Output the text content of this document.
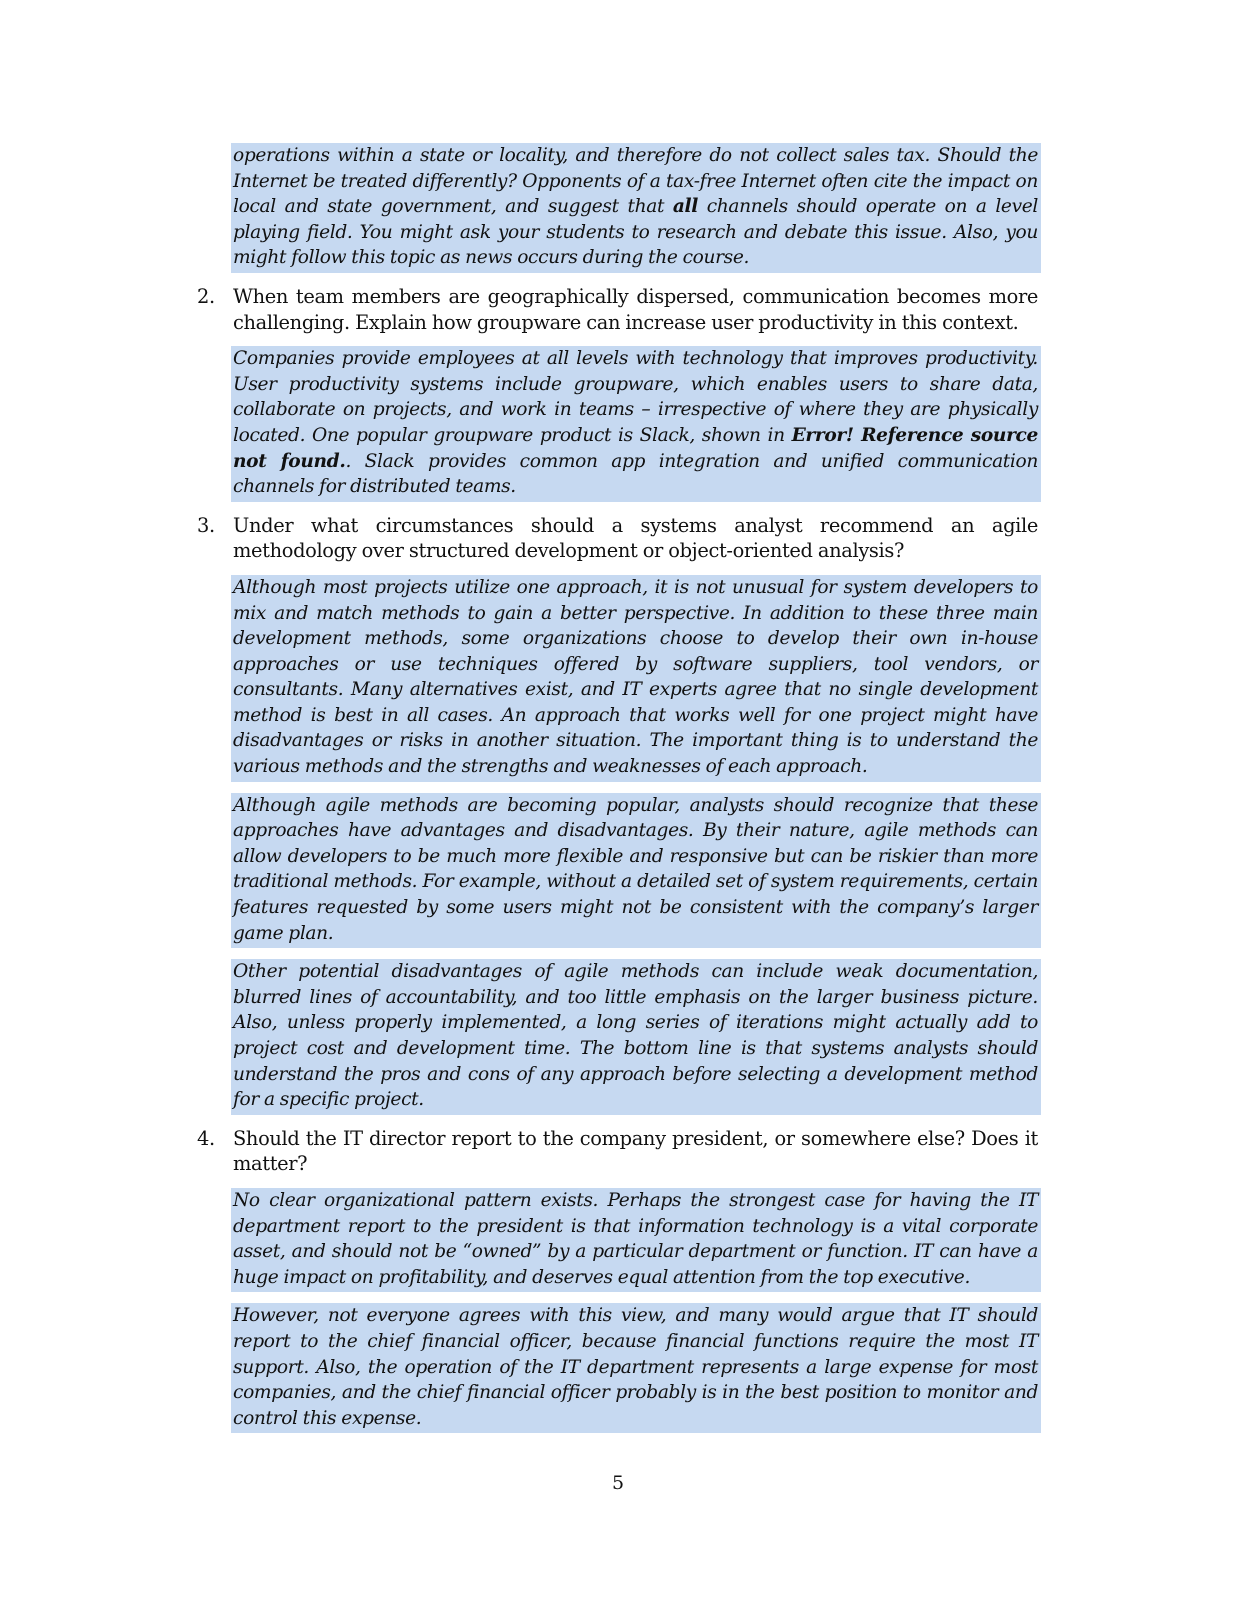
operations within a state or locality, and therefore do not collect sales tax. Should the Internet be treated differently? Opponents of a tax-free Internet often cite the impact on local and state government, and suggest that all channels should operate on a level playing field. You might ask your students to research and debate this issue. Also, you might follow this topic as news occurs during the course.
2. When team members are geographically dispersed, communication becomes more challenging. Explain how groupware can increase user productivity in this context.
Companies provide employees at all levels with technology that improves productivity. User productivity systems include groupware, which enables users to share data, collaborate on projects, and work in teams – irrespective of where they are physically located. One popular groupware product is Slack, shown in Error! Reference source not found.. Slack provides common app integration and unified communication channels for distributed teams.
3. Under what circumstances should a systems analyst recommend an agile methodology over structured development or object-oriented analysis?
Although most projects utilize one approach, it is not unusual for system developers to mix and match methods to gain a better perspective. In addition to these three main development methods, some organizations choose to develop their own in-house approaches or use techniques offered by software suppliers, tool vendors, or consultants. Many alternatives exist, and IT experts agree that no single development method is best in all cases. An approach that works well for one project might have disadvantages or risks in another situation. The important thing is to understand the various methods and the strengths and weaknesses of each approach.
Although agile methods are becoming popular, analysts should recognize that these approaches have advantages and disadvantages. By their nature, agile methods can allow developers to be much more flexible and responsive but can be riskier than more traditional methods. For example, without a detailed set of system requirements, certain features requested by some users might not be consistent with the company’s larger game plan.
Other potential disadvantages of agile methods can include weak documentation, blurred lines of accountability, and too little emphasis on the larger business picture. Also, unless properly implemented, a long series of iterations might actually add to project cost and development time. The bottom line is that systems analysts should understand the pros and cons of any approach before selecting a development method for a specific project.
4. Should the IT director report to the company president, or somewhere else? Does it matter?
No clear organizational pattern exists. Perhaps the strongest case for having the IT department report to the president is that information technology is a vital corporate asset, and should not be “owned” by a particular department or function. IT can have a huge impact on profitability, and deserves equal attention from the top executive.
However, not everyone agrees with this view, and many would argue that IT should report to the chief financial officer, because financial functions require the most IT support. Also, the operation of the IT department represents a large expense for most companies, and the chief financial officer probably is in the best position to monitor and control this expense.
5
